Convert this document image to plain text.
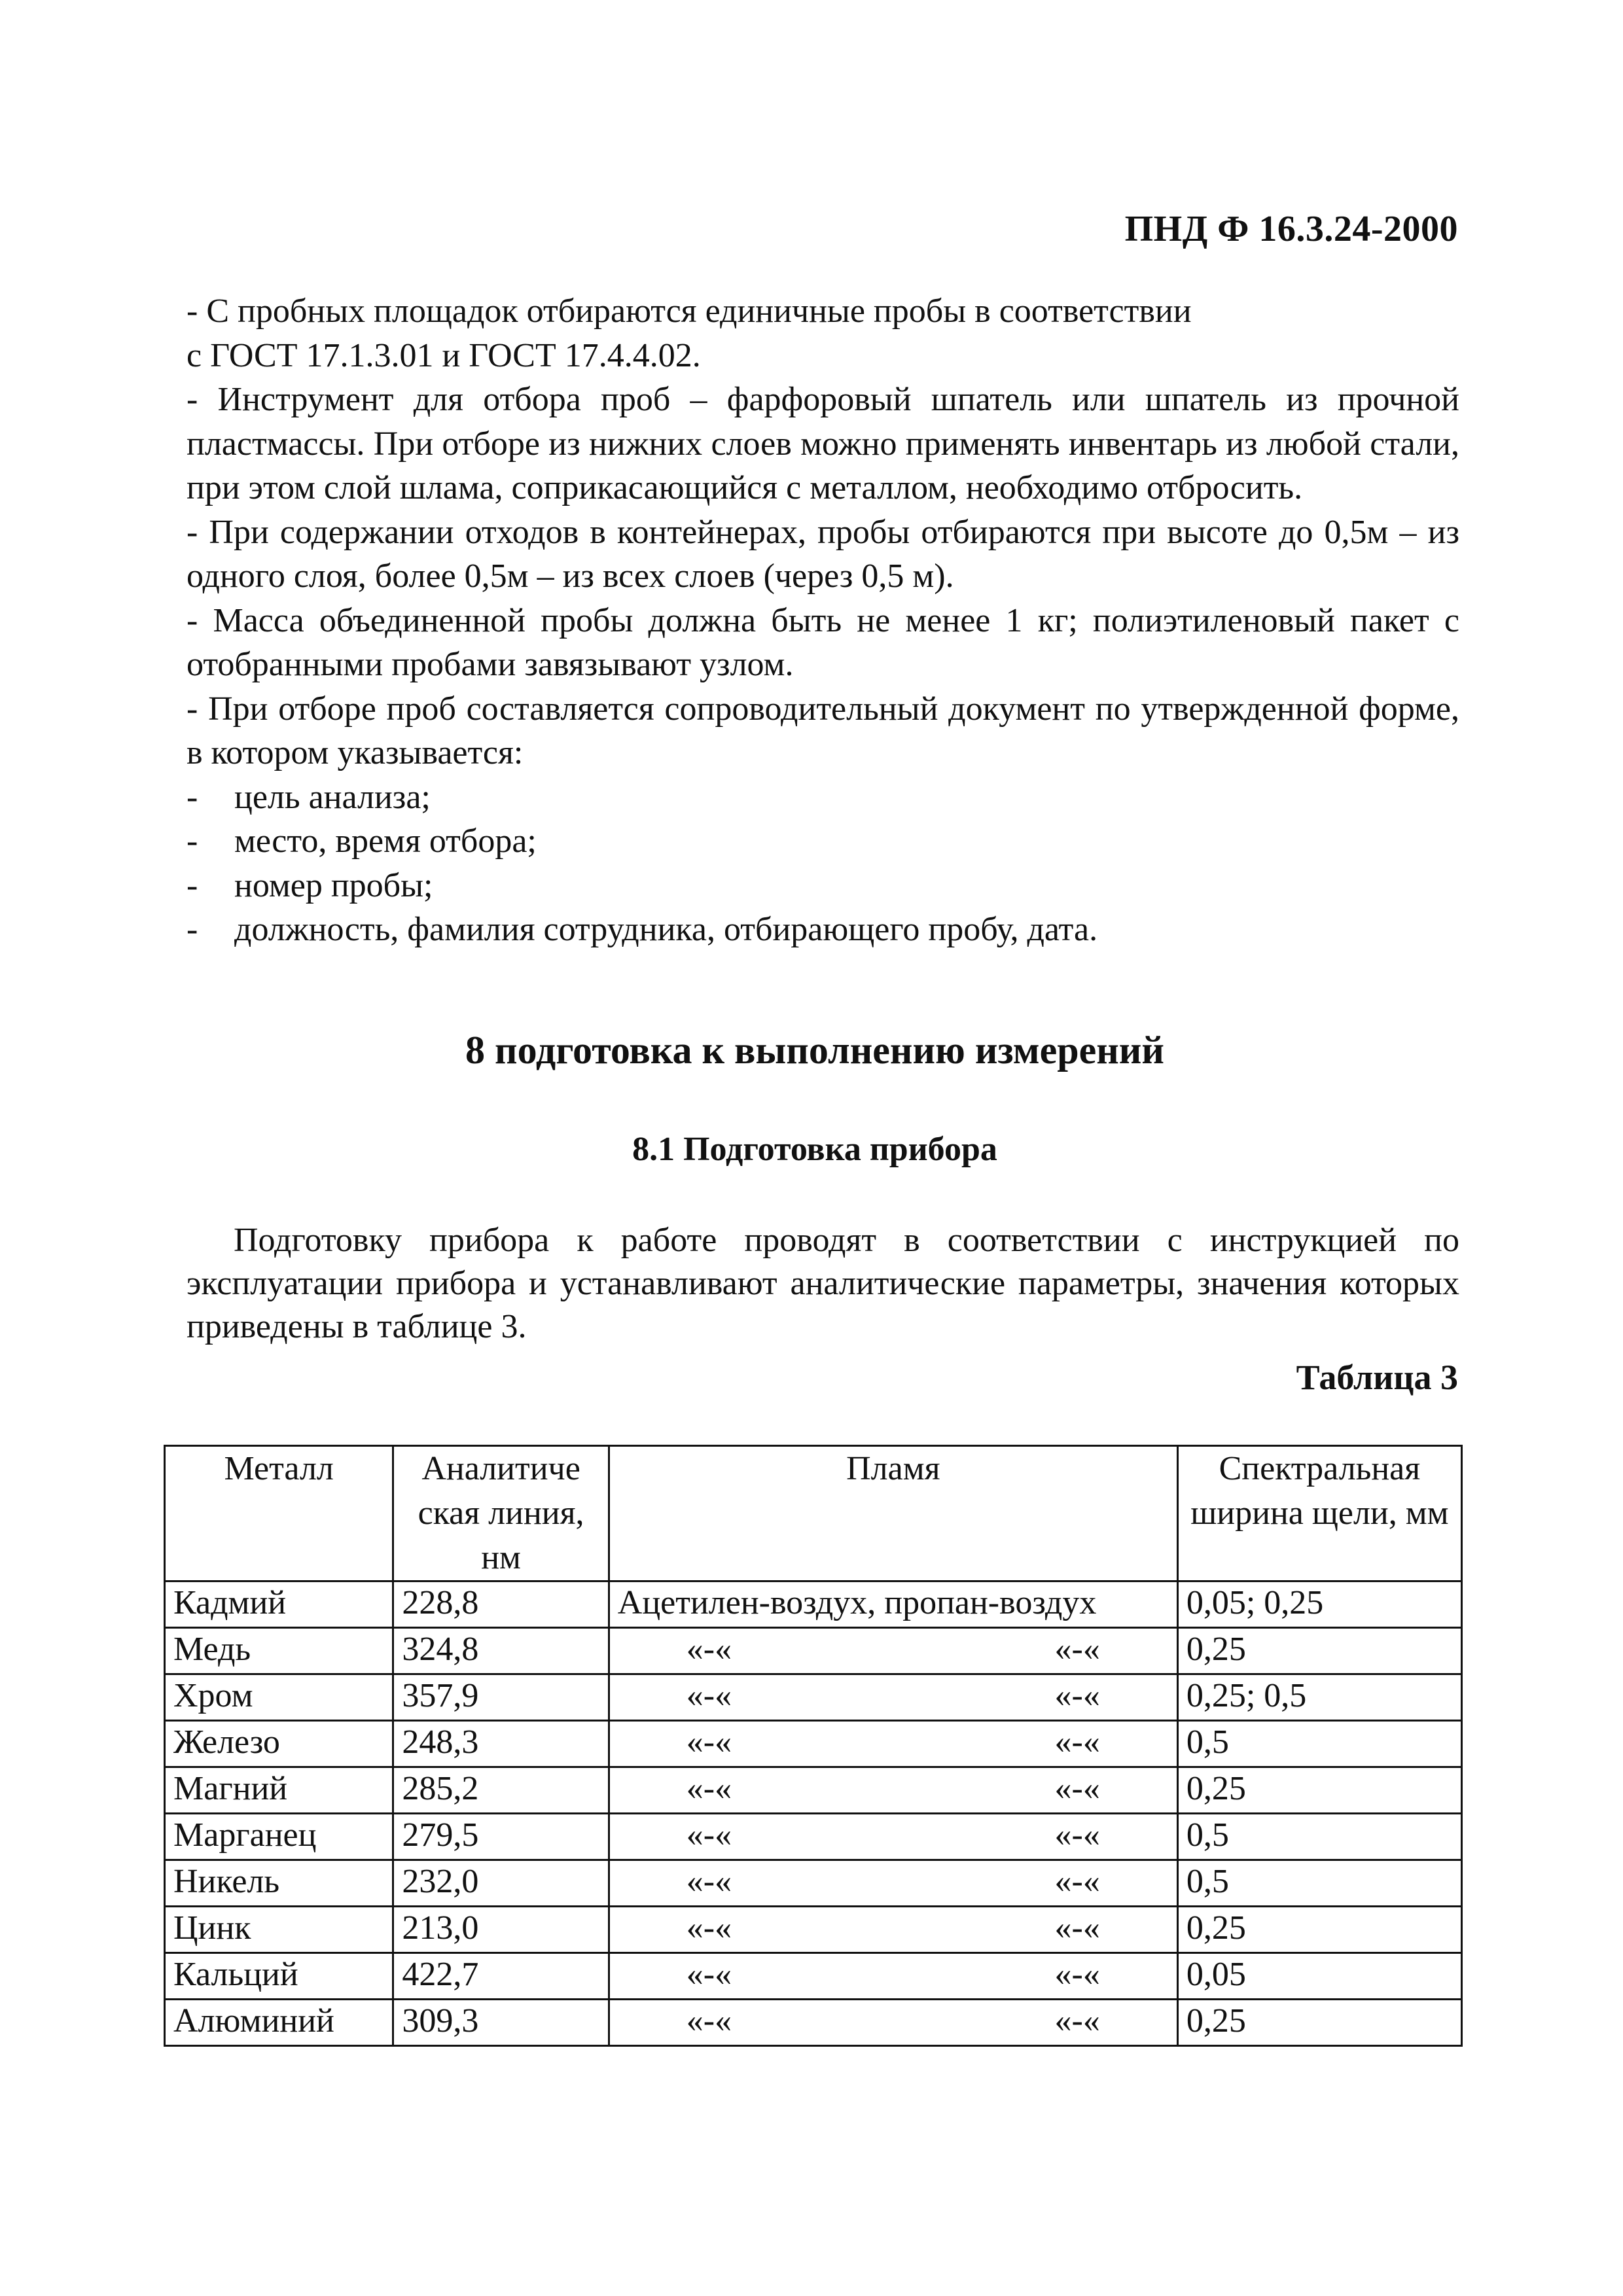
ПНД Ф 16.3.24-2000

- С пробных площадок отбираются единичные пробы в соответствии
с ГОСТ 17.1.3.01 и ГОСТ 17.4.4.02.

- Инструмент для отбора проб – фарфоровый шпатель или шпатель из прочной пластмассы. При отборе из нижних слоев можно применять инвентарь из любой стали, при этом слой шлама, соприкасающийся с металлом, необходимо отбросить.

- При содержании отходов в контейнерах, пробы отбираются при высоте до 0,5м – из одного слоя, более 0,5м – из всех слоев (через 0,5 м).

- Масса объединенной пробы должна быть не менее 1 кг; полиэтиленовый пакет с отобранными пробами завязывают узлом.

- При отборе проб составляется сопроводительный документ по утвержденной форме, в котором указывается:

-	цель анализа;
-	место, время отбора;
-	номер пробы;
-	должность, фамилия сотрудника, отбирающего пробу, дата.
8 подготовка к выполнению измерений
8.1 Подготовка прибора

Подготовку прибора к работе проводят в соответствии с инструкцией по эксплуатации прибора и устанавливают аналитические параметры, значения которых приведены в таблице 3.

Таблица 3
Металл	Аналитиче ская линия, нм	Пламя	Спектральная ширина щели, мм
Кадмий	228,8	Ацетилен-воздух, пропан-воздух	0,05; 0,25
Медь	324,8	«-« «-«	0,25
Хром	357,9	«-« «-«	0,25; 0,5
Железо	248,3	«-« «-«	0,5
Магний	285,2	«-« «-«	0,25
Марганец	279,5	«-« «-«	0,5
Никель	232,0	«-« «-«	0,5
Цинк	213,0	«-« «-«	0,25
Кальций	422,7	«-« «-«	0,05
Алюминий	309,3	«-« «-«	0,25
